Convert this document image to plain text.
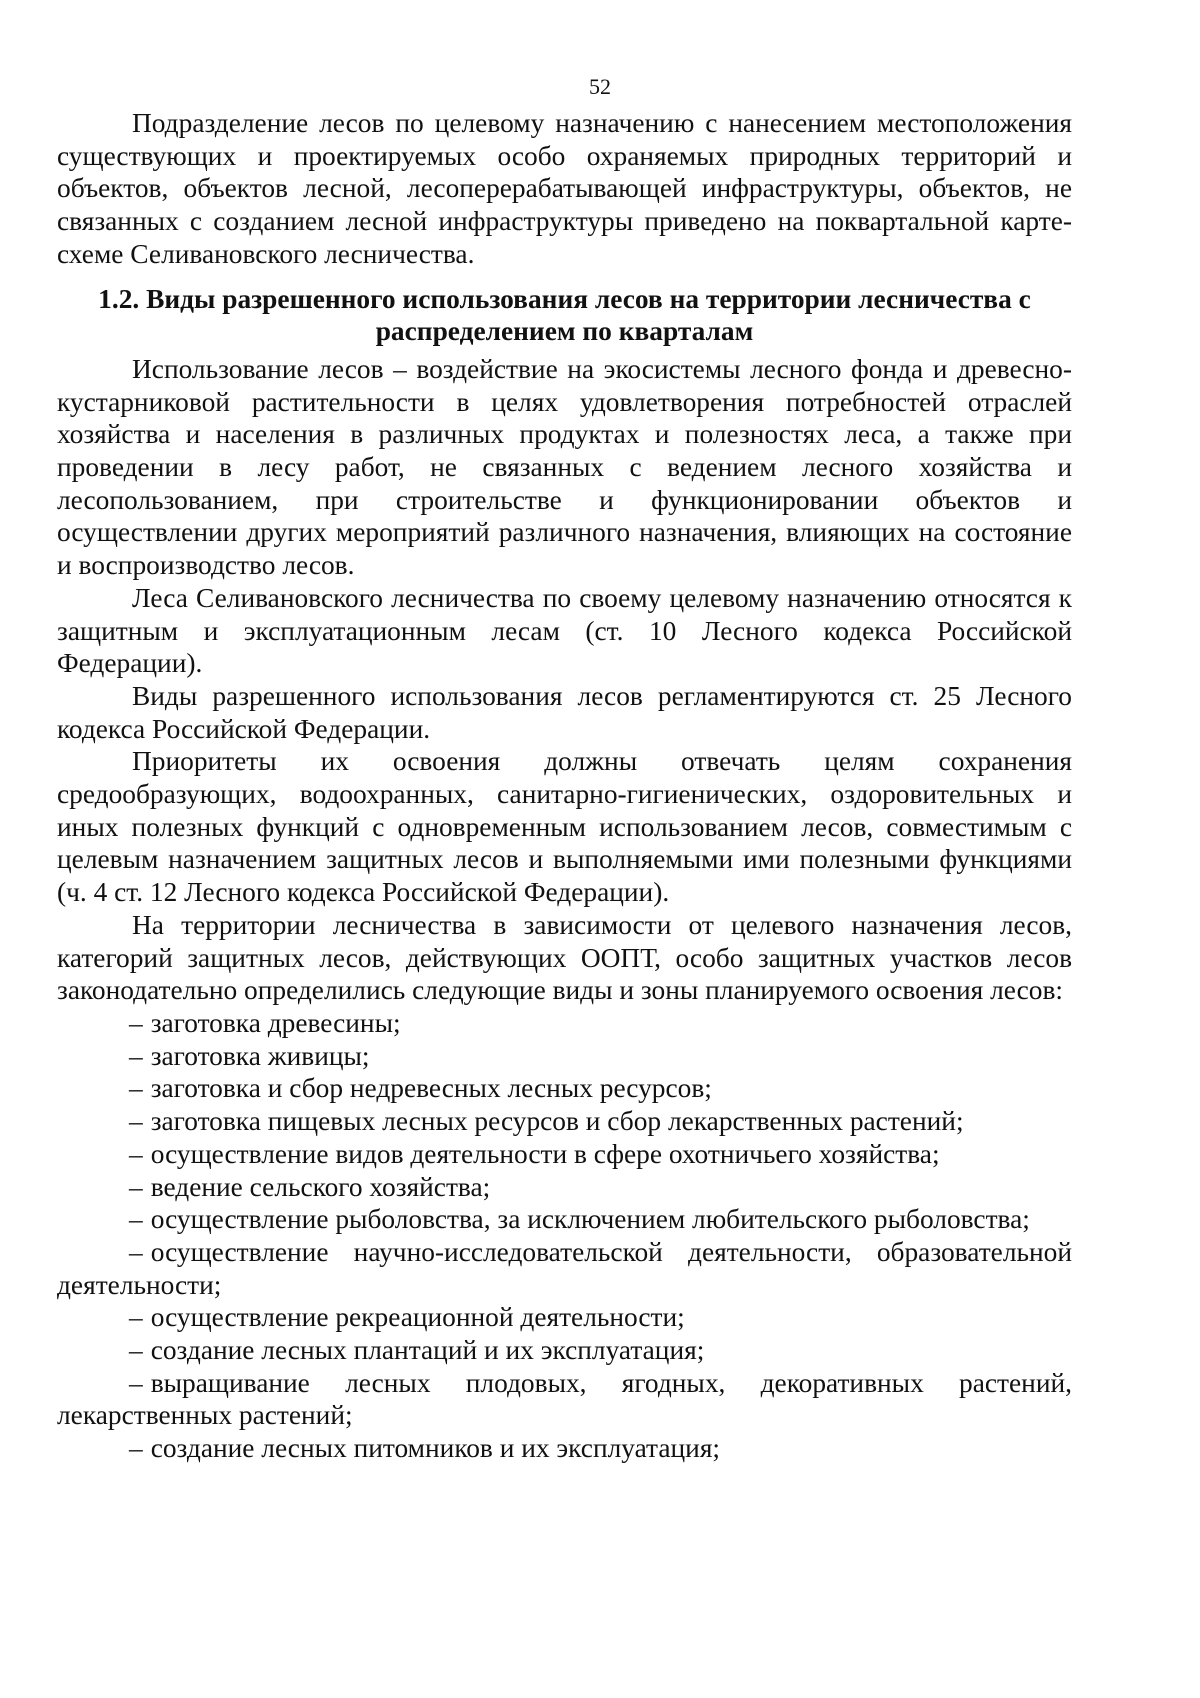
52

Подразделение лесов по целевому назначению с нанесением местоположения существующих и проектируемых особо охраняемых природных территорий и объектов, объектов лесной, лесоперерабатывающей инфраструктуры, объектов, не связанных с созданием лесной инфраструктуры приведено на поквартальной карте-схеме Селивановского лесничества.

1.2. Виды разрешенного использования лесов на территории лесничества с распределением по кварталам

Использование лесов – воздействие на экосистемы лесного фонда и древесно-кустарниковой растительности в целях удовлетворения потребностей отраслей хозяйства и населения в различных продуктах и полезностях леса, а также при проведении в лесу работ, не связанных с ведением лесного хозяйства и лесопользованием, при строительстве и функционировании объектов и осуществлении других мероприятий различного назначения, влияющих на состояние и воспроизводство лесов.

Леса Селивановского лесничества по своему целевому назначению относятся к защитным и эксплуатационным лесам (ст. 10 Лесного кодекса Российской Федерации).

Виды разрешенного использования лесов регламентируются ст. 25 Лесного кодекса Российской Федерации.

Приоритеты их освоения должны отвечать целям сохранения средообразующих, водоохранных, санитарно-гигиенических, оздоровительных и иных полезных функций с одновременным использованием лесов, совместимым с целевым назначением защитных лесов и выполняемыми ими полезными функциями (ч. 4 ст. 12 Лесного кодекса Российской Федерации).

На территории лесничества в зависимости от целевого назначения лесов, категорий защитных лесов, действующих ООПТ, особо защитных участков лесов законодательно определились следующие виды и зоны планируемого освоения лесов:

– заготовка древесины;
– заготовка живицы;
– заготовка и сбор недревесных лесных ресурсов;
– заготовка пищевых лесных ресурсов и сбор лекарственных растений;
– осуществление видов деятельности в сфере охотничьего хозяйства;
– ведение сельского хозяйства;
– осуществление рыболовства, за исключением любительского рыболовства;
– осуществление научно-исследовательской деятельности, образовательной деятельности;
– осуществление рекреационной деятельности;
– создание лесных плантаций и их эксплуатация;
– выращивание лесных плодовых, ягодных, декоративных растений, лекарственных растений;
– создание лесных питомников и их эксплуатация;
